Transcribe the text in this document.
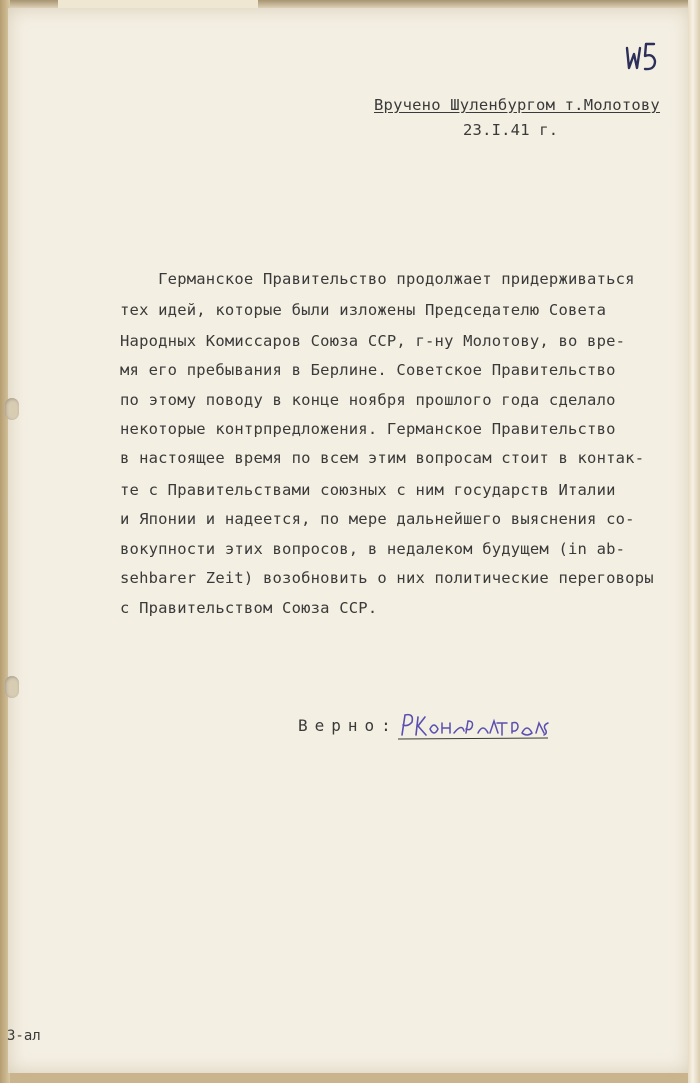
Вручено Шуленбургом т.Молотову
23.I.41 г.
Германское Правительство продолжает придерживаться
тех идей, которые были изложены Председателю Совета
Народных Комиссаров Союза ССР, г-ну Молотову, во вре-
мя его пребывания в Берлине. Советское Правительство
по этому поводу в конце ноября прошлого года сделало
некоторые контрпредложения. Германское Правительство
в настоящее время по всем этим вопросам стоит в контак-
те с Правительствами союзных с ним государств Италии
и Японии и надеется, по мере дальнейшего выяснения со-
вокупности этих вопросов, в недалеком будущем (in ab-
sehbarer Zeit) возобновить о них политические переговоры
с Правительством Союза ССР.
Верно:
3-ал
